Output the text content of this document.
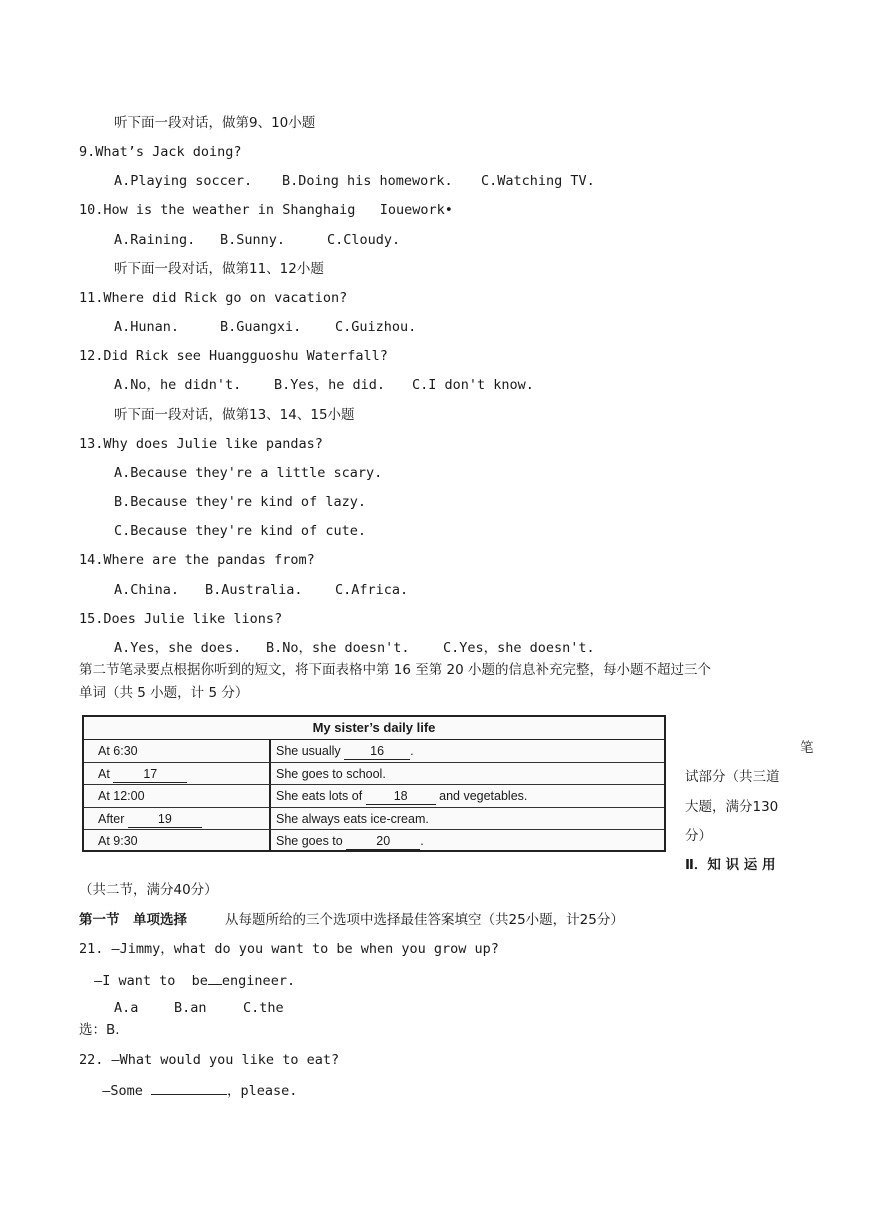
听下面一段对话，做第9、10小题
9.What’s Jack doing?
A.Playing soccer. B.Doing his homework. C.Watching TV.
10.How is the weather in Shanghaig   Iouework•
A.Raining. B.Sunny.	C.Cloudy.
听下面一段对话，做第11、12小题
11.Where did Rick go on vacation?
A.Hunan.	B.Guangxi. C.Guizhou.
12.Did Rick see Huangguoshu Waterfall?
A.No，he didn't. B.Yes，he did. C.I don't know.
听下面一段对话，做第13、14、15小题
13.Why does Julie like pandas?
A.Because they're a little scary.
B.Because they're kind of lazy.
C.Because they're kind of cute.
14.Where are the pandas from?
A.China. B.Australia. C.Africa.
15.Does Julie like lions?
A.Yes，she does. B.No，she doesn't. C.Yes，she doesn't.
第二节笔录要点根据你听到的短文，将下面表格中第 16 至第 20 小题的信息补充完整，每小题不超过三个
单词（共 5 小题，计 5 分）
My sister’s daily life
At 6:30	She usually 16 .
At 17	She goes to school.
At 12:00	She eats lots of 18 and vegetables.
After 19	She always eats ice-cream.
At 9:30	She goes to 20 .
笔
试部分（共三道
大题，满分130
分）
Ⅱ．知 识 运 用
（共二节，满分40分）
第一节　单项选择	从每题所给的三个选项中选择最佳答案填空（共25小题，计25分）
21. —Jimmy，what do you want to be when you grow up?
—I want to  be engineer.
A.a	B.an	C.the
选：B.
22. —What would you like to eat?
—Some	，please.
